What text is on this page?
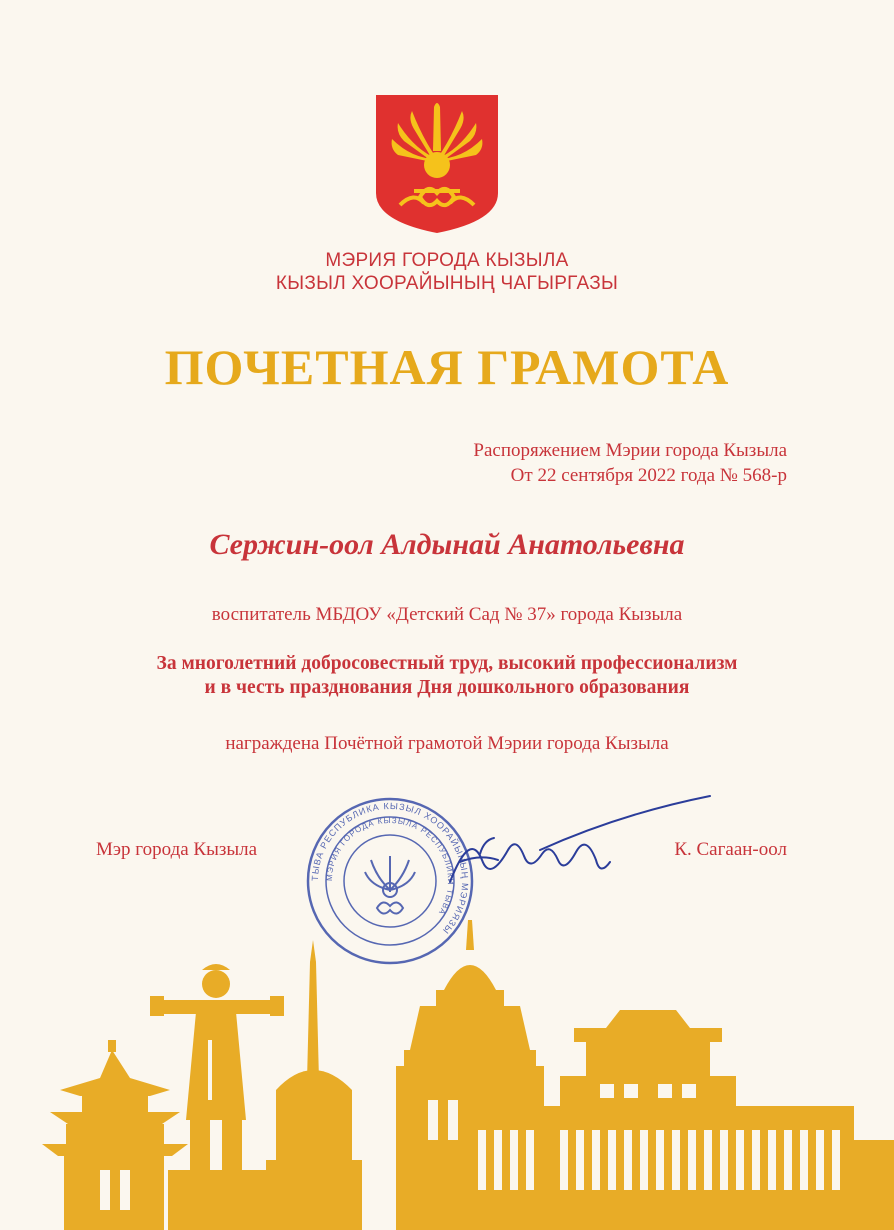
МЭРИЯ ГОРОДА КЫЗЫЛА
КЫЗЫЛ ХООРАЙЫНЫҢ ЧАГЫРГАЗЫ
ПОЧЕТНАЯ ГРАМОТА
Распоряжением Мэрии города Кызыла
От 22 сентября 2022 года № 568-р
Сержин-оол Алдынай Анатольевна
воспитатель МБДОУ «Детский Сад № 37» города Кызыла
За многолетний добросовестный труд, высокий профессионализм
и в честь празднования Дня дошкольного образования
награждена Почётной грамотой Мэрии города Кызыла
ТЫВА РЕСПУБЛИКА КЫЗЫЛ ХООРАЙЫНЫҢ МЭРИЯЗЫ
МЭРИЯ ГОРОДА КЫЗЫЛА РЕСПУБЛИКИ ТЫВА
Мэр города Кызыла	К. Сагаан-оол
